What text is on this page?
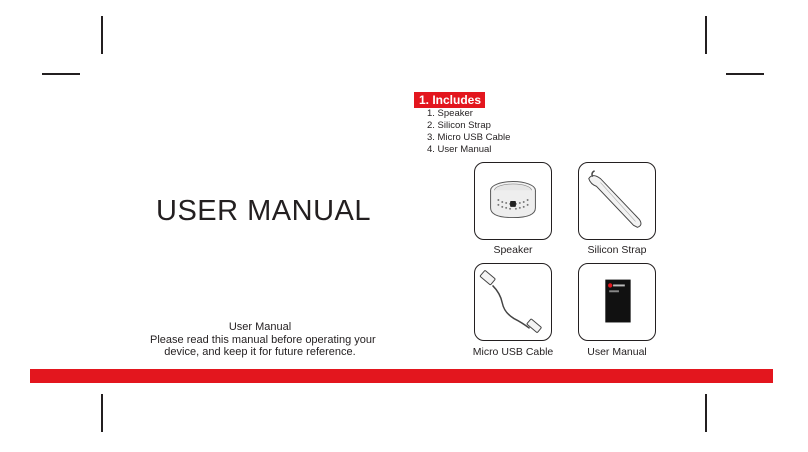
USER MANUAL
User Manual
Please read this manual before operating your
device, and keep it for future reference.
1. Includes
1. Speaker
2. Silicon Strap
3. Micro USB Cable
4. User Manual
Speaker	Silicon Strap
Micro USB Cable	User Manual
